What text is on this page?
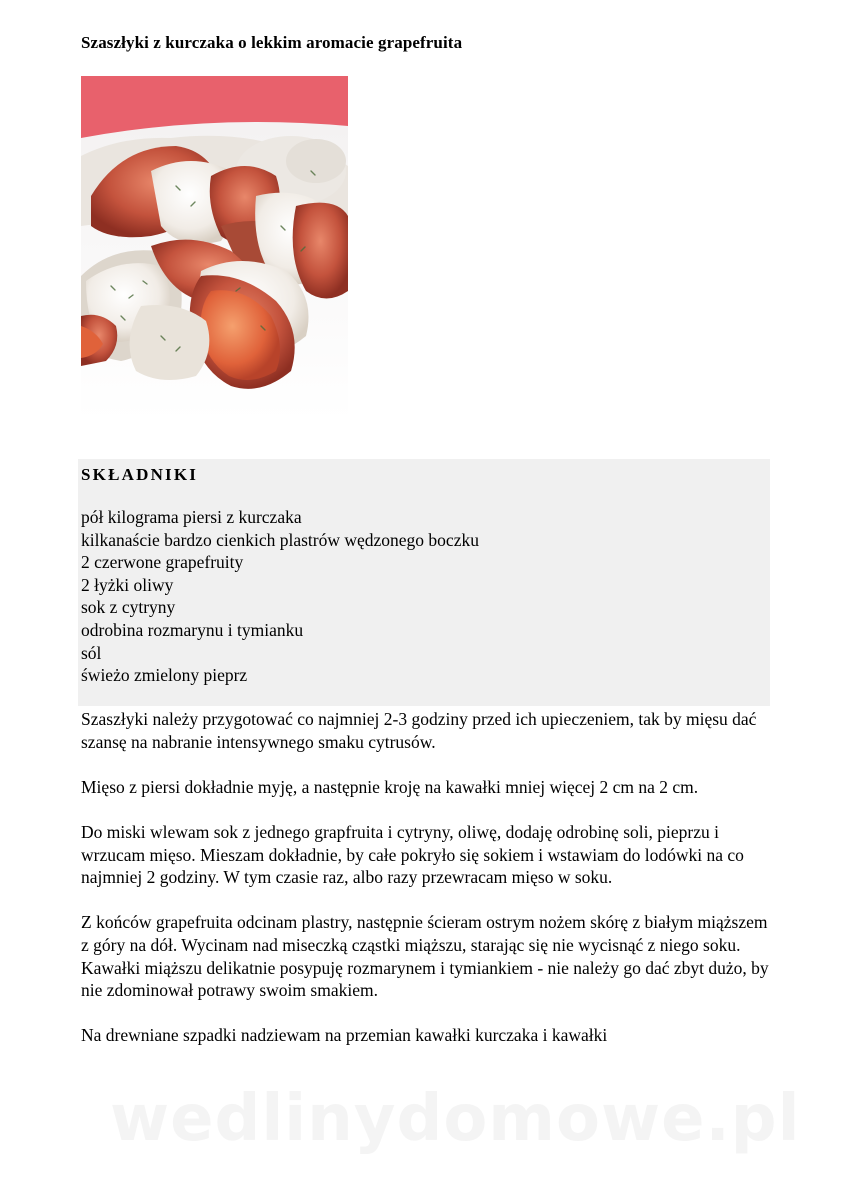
Szaszłyki z kurczaka o lekkim aromacie grapefruita
SKŁADNIKI
pół kilograma piersi z kurczaka
kilkanaście bardzo cienkich plastrów wędzonego boczku
2 czerwone grapefruity
2 łyżki oliwy
sok z cytryny
odrobina rozmarynu i tymianku
sól
świeżo zmielony pieprz

Szaszłyki należy przygotować co najmniej 2-3 godziny przed ich upieczeniem, tak by mięsu dać szansę na nabranie intensywnego smaku cytrusów.

Mięso z piersi dokładnie myję, a następnie kroję na kawałki mniej więcej 2 cm na 2 cm.

Do miski wlewam sok z jednego grapfruita i cytryny, oliwę, dodaję odrobinę soli, pieprzu i wrzucam mięso. Mieszam dokładnie, by całe pokryło się sokiem i wstawiam do lodówki na co najmniej 2 godziny. W tym czasie raz, albo razy przewracam mięso w soku.

Z końców grapefruita odcinam plastry, następnie ścieram ostrym nożem skórę z białym miąższem z góry na dół. Wycinam nad miseczką cząstki miąższu, starając się nie wycisnąć z niego soku. Kawałki miąższu delikatnie posypuję rozmarynem i tymiankiem - nie należy go dać zbyt dużo, by nie zdominował potrawy swoim smakiem.

Na drewniane szpadki nadziewam na przemian kawałki kurczaka i kawałki

wedlinydomowe.pl
